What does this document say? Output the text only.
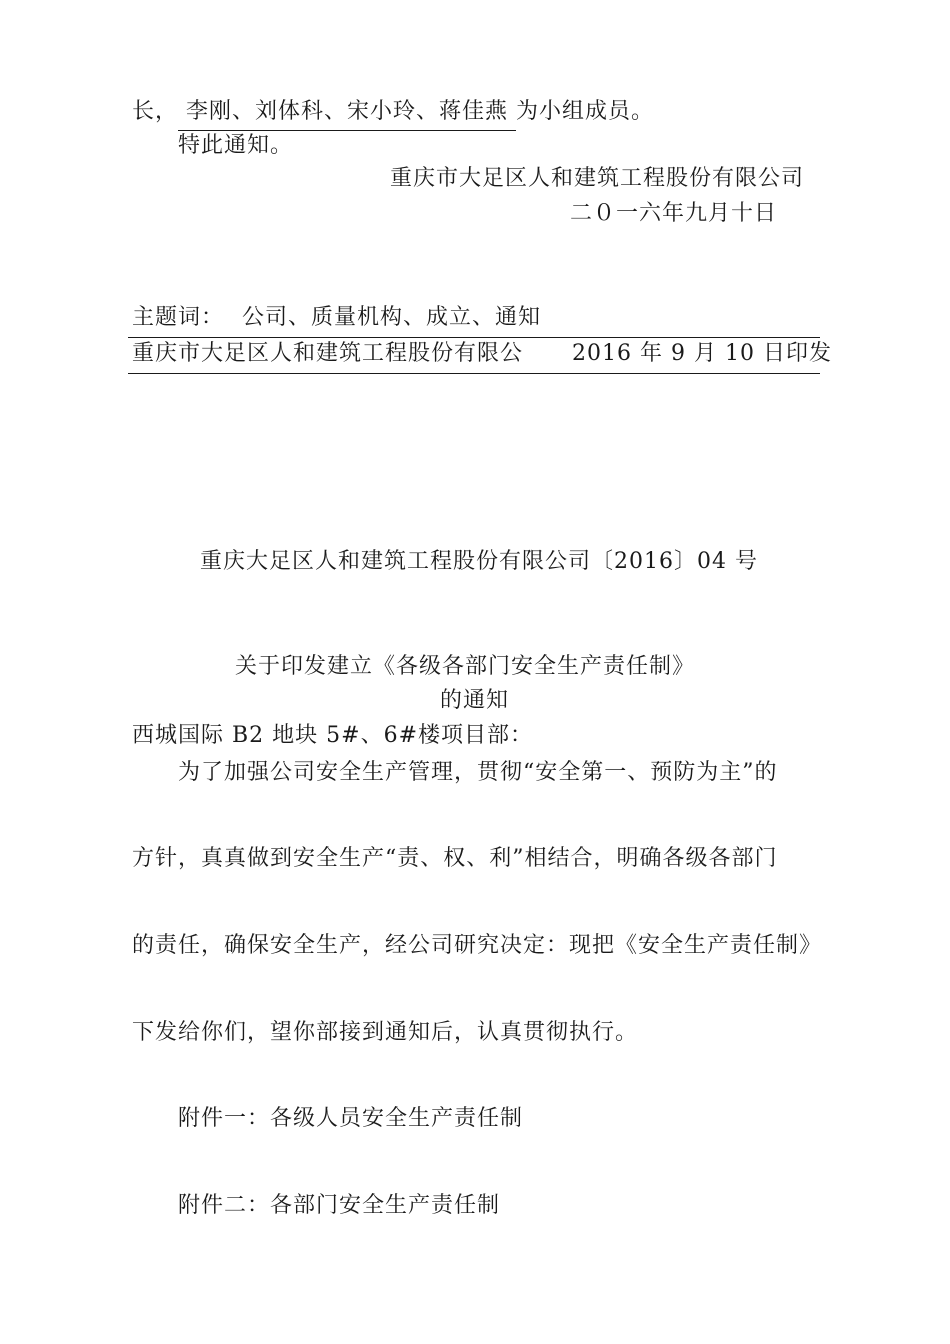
长， 李刚、刘体科、宋小玲、蒋佳燕 为小组成员。
特此通知。
重庆市大足区人和建筑工程股份有限公司
二０一六年九月十日
主题词： 公司、质量机构、成立、通知
重庆市大足区人和建筑工程股份有限公 2016 年 9 月 10 日印发
重庆大足区人和建筑工程股份有限公司〔2016〕04 号
关于印发建立《各级各部门安全生产责任制》
的通知
西城国际 B2 地块 5#、6#楼项目部：
为了加强公司安全生产管理，贯彻“安全第一、预防为主”的
方针，真真做到安全生产“责、权、利”相结合，明确各级各部门
的责任，确保安全生产，经公司研究决定：现把《安全生产责任制》
下发给你们，望你部接到通知后，认真贯彻执行。
附件一：各级人员安全生产责任制
附件二：各部门安全生产责任制
